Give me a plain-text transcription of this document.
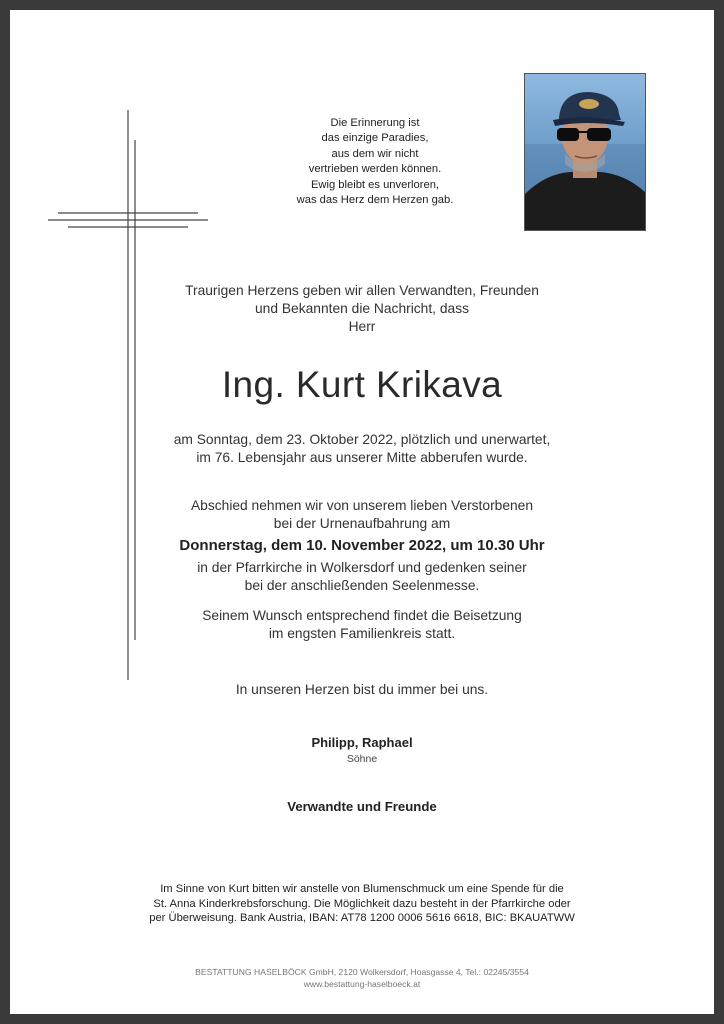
Die Erinnerung ist
das einzige Paradies,
aus dem wir nicht
vertrieben werden können.
Ewig bleibt es unverloren,
was das Herz dem Herzen gab.
Traurigen Herzens geben wir allen Verwandten, Freunden
und Bekannten die Nachricht, dass
Herr
Ing. Kurt Krikava
am Sonntag, dem 23. Oktober 2022, plötzlich und unerwartet,
im 76. Lebensjahr aus unserer Mitte abberufen wurde.
Abschied nehmen wir von unserem lieben Verstorbenen
bei der Urnenaufbahrung am
Donnerstag, dem 10. November 2022, um 10.30 Uhr
in der Pfarrkirche in Wolkersdorf und gedenken seiner
bei der anschließenden Seelenmesse.
Seinem Wunsch entsprechend findet die Beisetzung
im engsten Familienkreis statt.
In unseren Herzen bist du immer bei uns.
Philipp, Raphael
Söhne
Verwandte und Freunde
Im Sinne von Kurt bitten wir anstelle von Blumenschmuck um eine Spende für die
St. Anna Kinderkrebsforschung. Die Möglichkeit dazu besteht in der Pfarrkirche oder
per Überweisung. Bank Austria, IBAN: AT78 1200 0006 5616 6618, BIC: BKAUATWW
BESTATTUNG HASELBÖCK GmbH, 2120 Wolkersdorf, Hoasgasse 4, Tel.: 02245/3554
www.bestattung-haselboeck.at
